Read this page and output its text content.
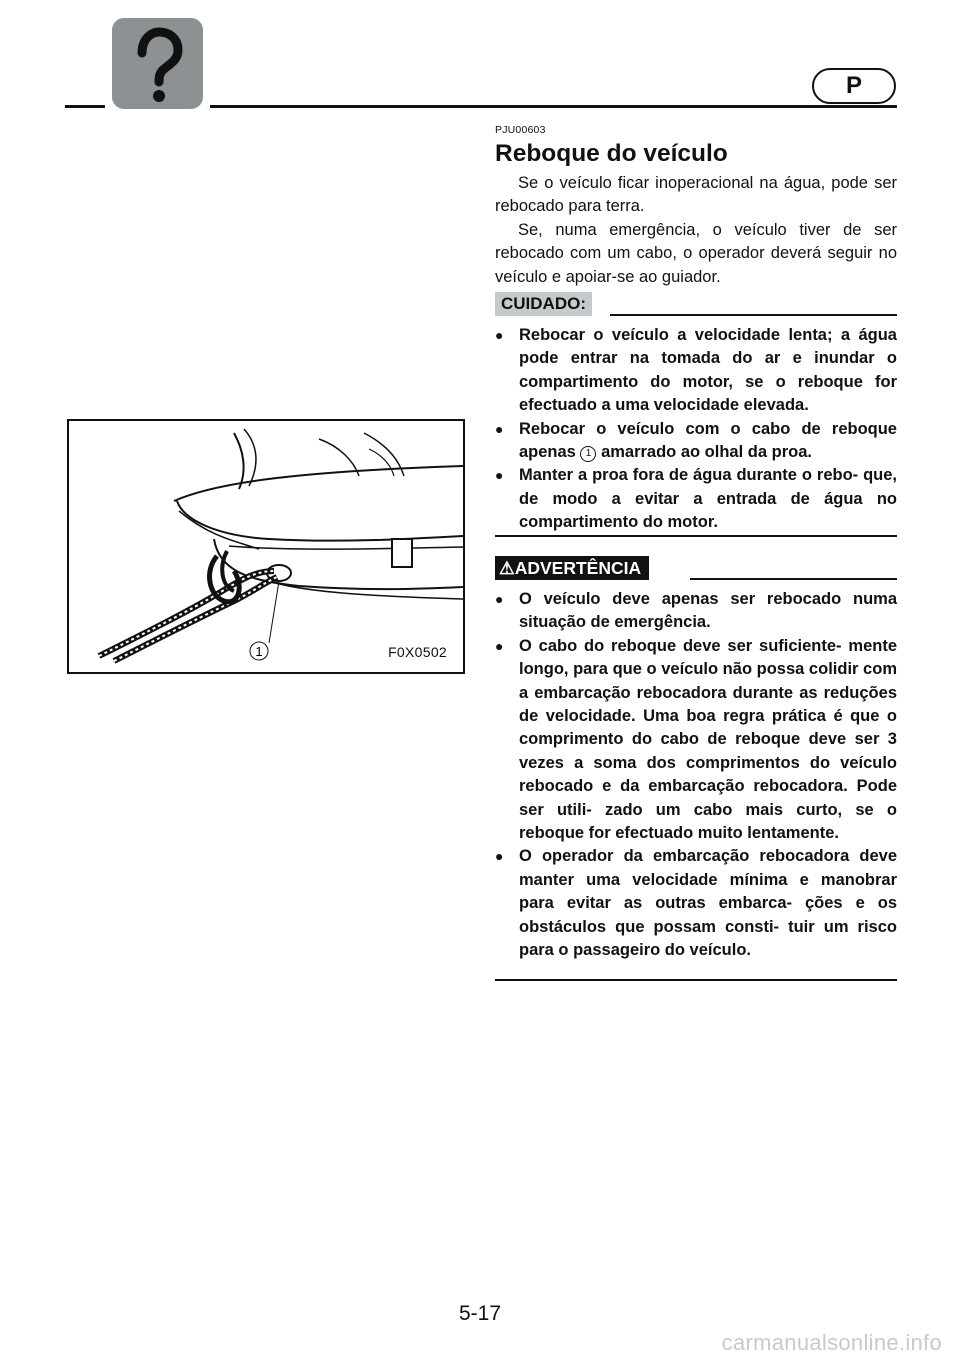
P
1	F0X0502
PJU00603
Reboque do veículo

Se o veículo ficar inoperacional na água, pode ser rebocado para terra.

Se, numa emergência, o veículo tiver de ser rebocado com um cabo, o operador deverá seguir no veículo e apoiar-se ao guiador.

CUIDADO:
● Rebocar o veículo a velocidade lenta; a água pode entrar na tomada do ar e inundar o compartimento do motor, se o reboque for efectuado a uma velocidade elevada.
● Rebocar o veículo com o cabo de reboque apenas 1 amarrado ao olhal da proa.
● Manter a proa fora de água durante o rebo- que, de modo a evitar a entrada de água no compartimento do motor.
⚠ADVERTÊNCIA
● O veículo deve apenas ser rebocado numa situação de emergência.
● O cabo do reboque deve ser suficiente- mente longo, para que o veículo não possa colidir com a embarcação rebocadora durante as reduções de velocidade. Uma boa regra prática é que o comprimento do cabo de reboque deve ser 3 vezes a soma dos comprimentos do veículo rebocado e da embarcação rebocadora. Pode ser utili- zado um cabo mais curto, se o reboque for efectuado muito lentamente.
● O operador da embarcação rebocadora deve manter uma velocidade mínima e manobrar para evitar as outras embarca- ções e os obstáculos que possam consti- tuir um risco para o passageiro do veículo.
5-17
carmanualsonline.info
